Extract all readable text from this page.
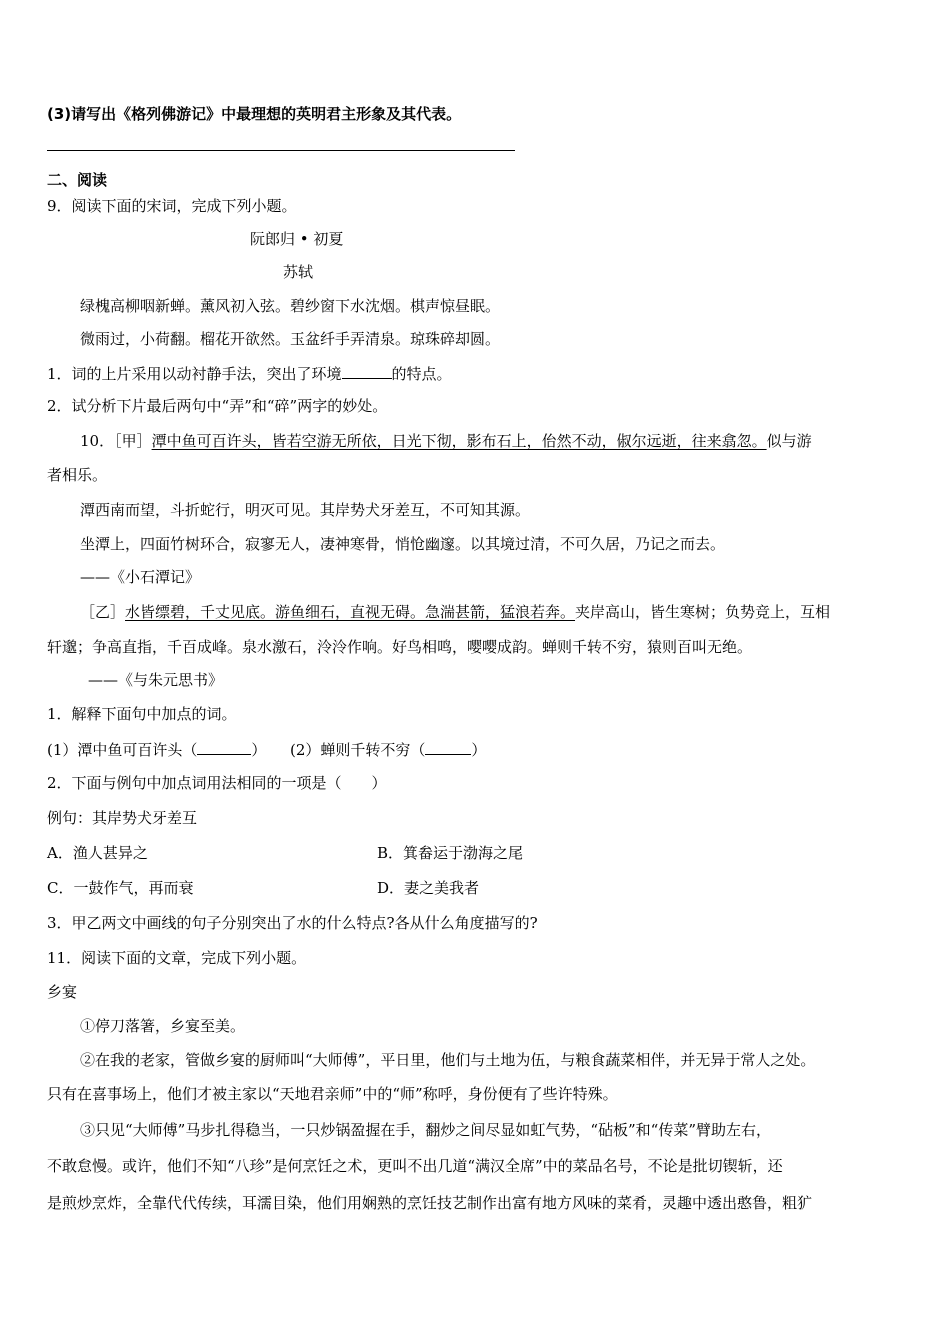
(3)请写出《格列佛游记》中最理想的英明君主形象及其代表。
二、阅读
9．阅读下面的宋词，完成下列小题。
阮郎归 • 初夏
苏轼
绿槐高柳咽新蝉。薰风初入弦。碧纱窗下水沈烟。棋声惊昼眠。
微雨过，小荷翻。榴花开欲然。玉盆纤手弄清泉。琼珠碎却圆。
1．词的上片采用以动衬静手法，突出了环境	的特点。
2．试分析下片最后两句中“弄”和“碎”两字的妙处。
10．［甲］潭中鱼可百许头，皆若空游无所依，日光下彻，影布石上，佁然不动，俶尔远逝，往来翕忽。似与游
者相乐。
潭西南而望，斗折蛇行，明灭可见。其岸势犬牙差互，不可知其源。
坐潭上，四面竹树环合，寂寥无人，凄神寒骨，悄怆幽邃。以其境过清，不可久居，乃记之而去。
——《小石潭记》
［乙］水皆缥碧，千丈见底。游鱼细石，直视无碍。急湍甚箭，猛浪若奔。夹岸高山，皆生寒树；负势竞上，互相
轩邈；争高直指，千百成峰。泉水激石，泠泠作响。好鸟相鸣，嘤嘤成韵。蝉则千转不穷，猿则百叫无绝。
——《与朱元思书》
1．解释下面句中加点的词。
(1）潭中鱼可百许头（	） (2）蝉则千转不穷（	）
2．下面与例句中加点词用法相同的一项是（　　）
例句：其岸势犬牙差互
A．渔人甚异之	B．箕畚运于渤海之尾
C．一鼓作气，再而衰	D．妻之美我者
3．甲乙两文中画线的句子分别突出了水的什么特点?各从什么角度描写的?
11．阅读下面的文章，完成下列小题。
乡宴
①停刀落箸，乡宴至美。
②在我的老家，管做乡宴的厨师叫“大师傅”，平日里，他们与土地为伍，与粮食蔬菜相伴，并无异于常人之处。
只有在喜事场上，他们才被主家以“天地君亲师”中的“师”称呼，身份便有了些许特殊。
③只见“大师傅”马步扎得稳当，一只炒锅盈握在手，翻炒之间尽显如虹气势，“砧板”和“传菜”臂助左右，
不敢怠慢。或许，他们不知“八珍”是何烹饪之术，更叫不出几道“满汉全席”中的菜品名号，不论是批切锲斩，还
是煎炒烹炸，全靠代代传续，耳濡目染，他们用娴熟的烹饪技艺制作出富有地方风味的菜肴，灵趣中透出憨鲁，粗犷
